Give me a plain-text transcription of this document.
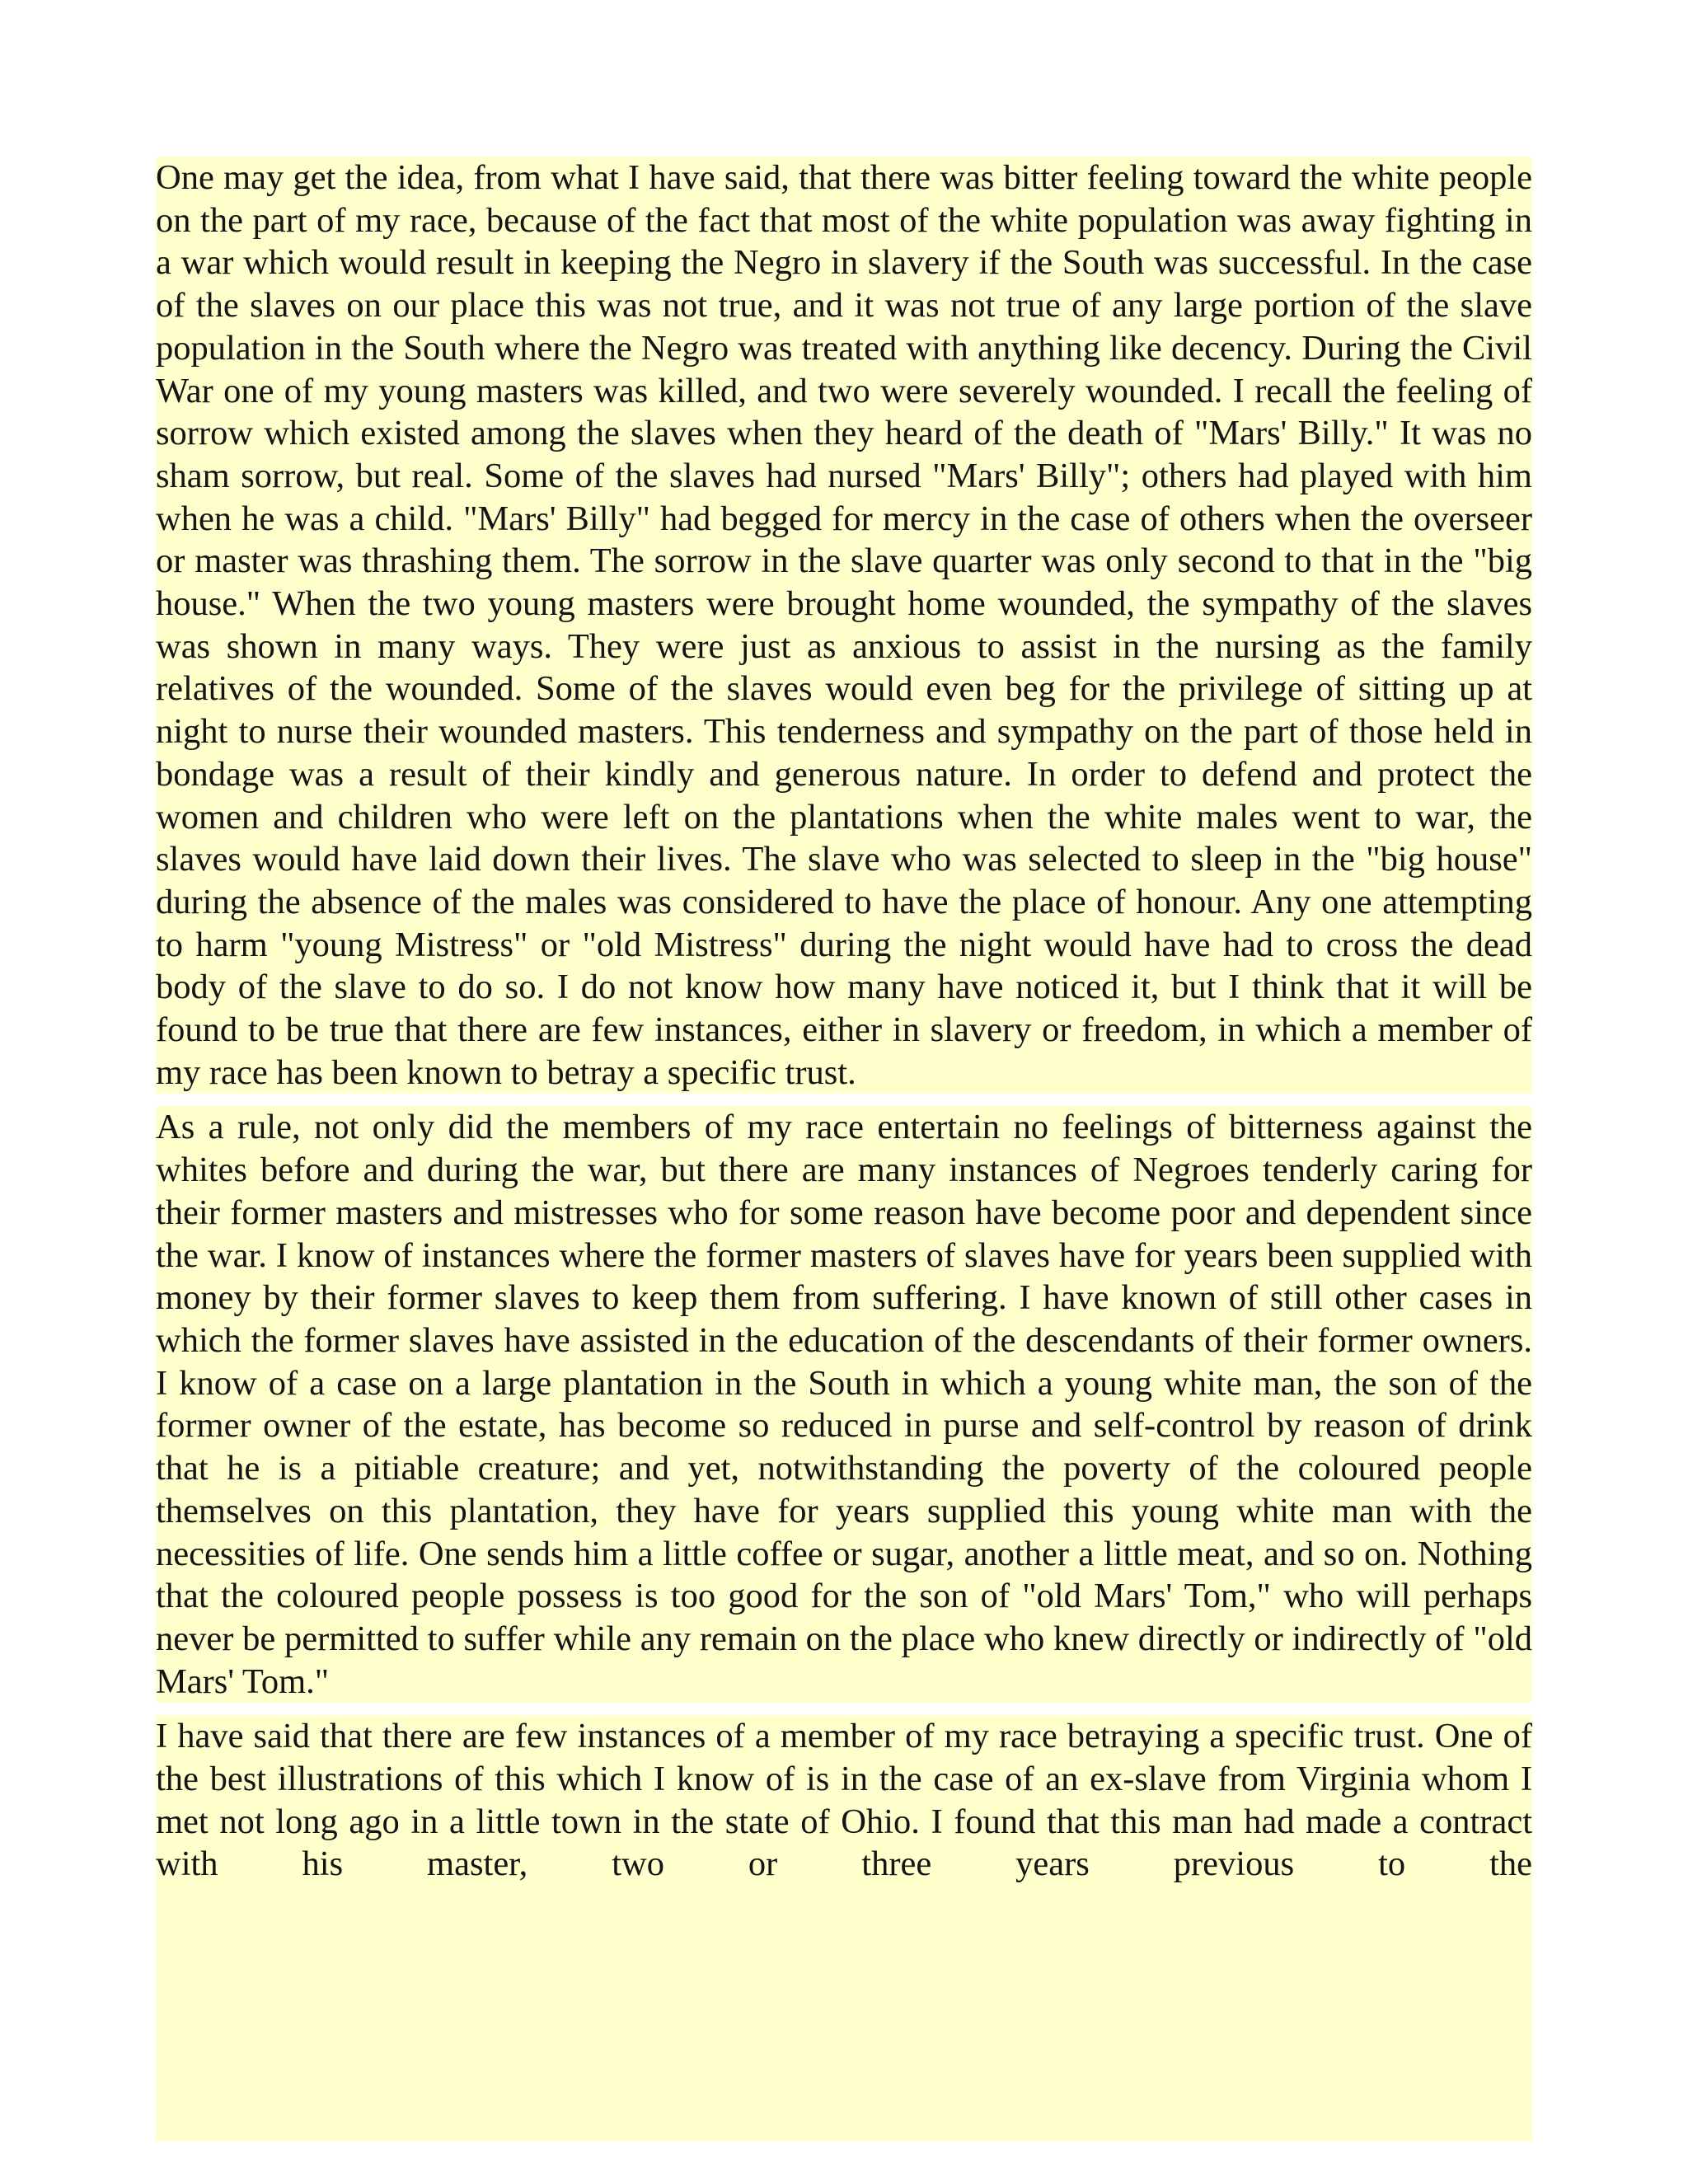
One may get the idea, from what I have said, that there was bitter feeling toward the white people on the part of my race, because of the fact that most of the white population was away fighting in a war which would result in keeping the Negro in slavery if the South was successful. In the case of the slaves on our place this was not true, and it was not true of any large portion of the slave population in the South where the Negro was treated with anything like decency. During the Civil War one of my young masters was killed, and two were severely wounded. I recall the feeling of sorrow which existed among the slaves when they heard of the death of "Mars' Billy." It was no sham sorrow, but real. Some of the slaves had nursed "Mars' Billy"; others had played with him when he was a child. "Mars' Billy" had begged for mercy in the case of others when the overseer or master was thrashing them. The sorrow in the slave quarter was only second to that in the "big house." When the two young masters were brought home wounded, the sympathy of the slaves was shown in many ways. They were just as anxious to assist in the nursing as the family relatives of the wounded. Some of the slaves would even beg for the privilege of sitting up at night to nurse their wounded masters. This tenderness and sympathy on the part of those held in bondage was a result of their kindly and generous nature. In order to defend and protect the women and children who were left on the plantations when the white males went to war, the slaves would have laid down their lives. The slave who was selected to sleep in the "big house" during the absence of the males was considered to have the place of honour. Any one attempting to harm "young Mistress" or "old Mistress" during the night would have had to cross the dead body of the slave to do so. I do not know how many have noticed it, but I think that it will be found to be true that there are few instances, either in slavery or freedom, in which a member of my race has been known to betray a specific trust.

As a rule, not only did the members of my race entertain no feelings of bitterness against the whites before and during the war, but there are many instances of Negroes tenderly caring for their former masters and mistresses who for some reason have become poor and dependent since the war. I know of instances where the former masters of slaves have for years been supplied with money by their former slaves to keep them from suffering. I have known of still other cases in which the former slaves have assisted in the education of the descendants of their former owners. I know of a case on a large plantation in the South in which a young white man, the son of the former owner of the estate, has become so reduced in purse and self-control by reason of drink that he is a pitiable creature; and yet, notwithstanding the poverty of the coloured people themselves on this plantation, they have for years supplied this young white man with the necessities of life. One sends him a little coffee or sugar, another a little meat, and so on. Nothing that the coloured people possess is too good for the son of "old Mars' Tom," who will perhaps never be permitted to suffer while any remain on the place who knew directly or indirectly of "old Mars' Tom."

I have said that there are few instances of a member of my race betraying a specific trust. One of the best illustrations of this which I know of is in the case of an ex-slave from Virginia whom I met not long ago in a little town in the state of Ohio. I found that this man had made a contract with his master, two or three years previous to the
